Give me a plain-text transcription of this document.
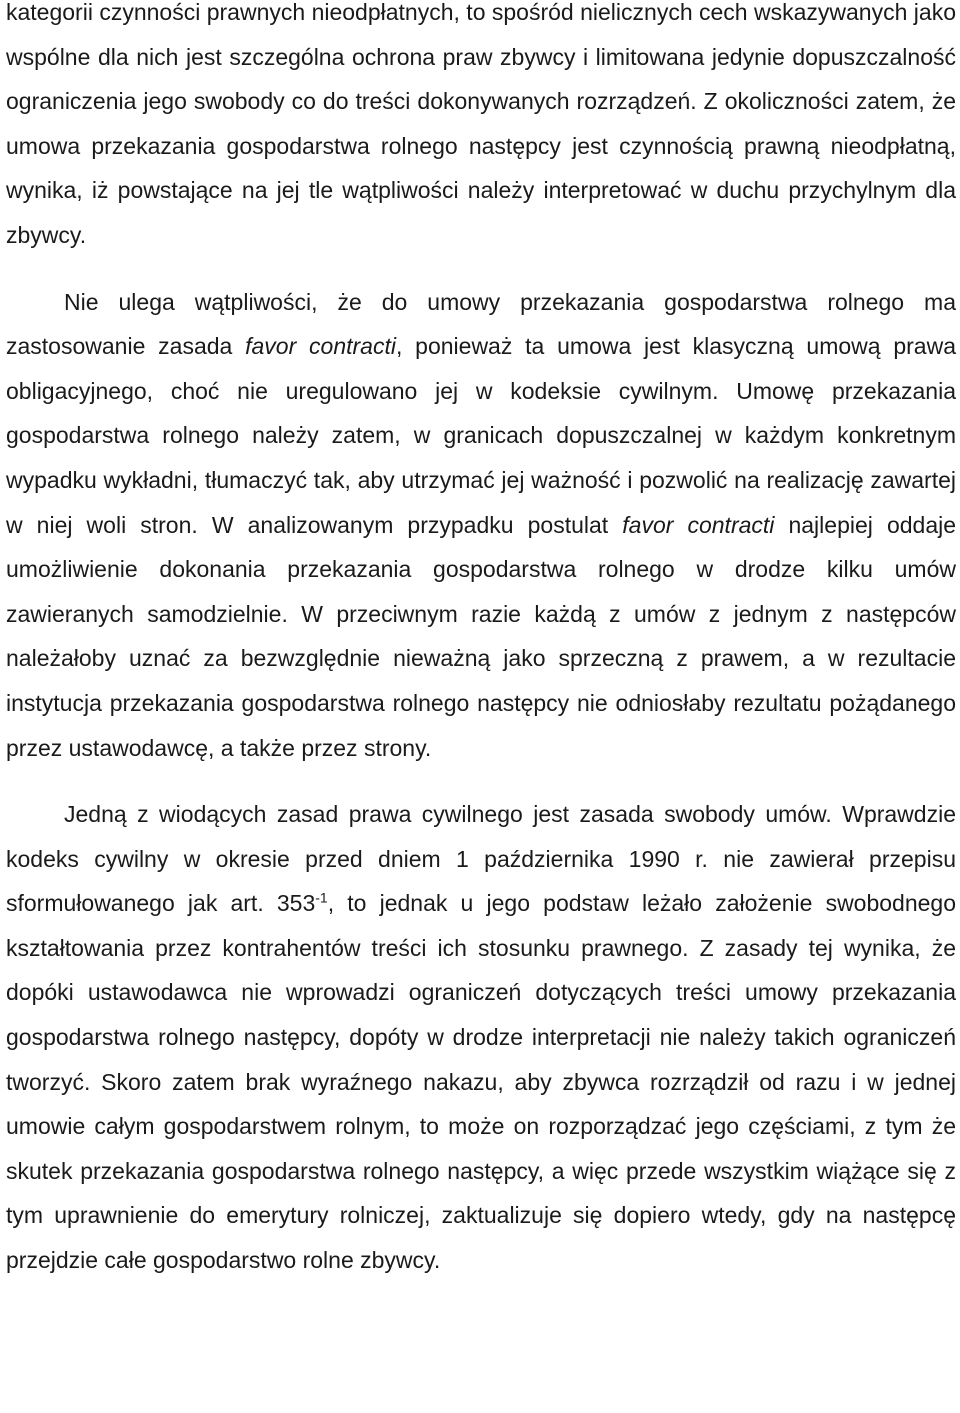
kategorii czynności prawnych nieodpłatnych, to spośród nielicznych cech wskazywanych jako wspólne dla nich jest szczególna ochrona praw zbywcy i limitowana jedynie dopuszczalność ograniczenia jego swobody co do treści dokonywanych rozrządzeń. Z okoliczności zatem, że umowa przekazania gospodarstwa rolnego następcy jest czynnością prawną nieodpłatną, wynika, iż powstające na jej tle wątpliwości należy interpretować w duchu przychylnym dla zbywcy.

Nie ulega wątpliwości, że do umowy przekazania gospodarstwa rolnego ma zastosowanie zasada favor contracti, ponieważ ta umowa jest klasyczną umową prawa obligacyjnego, choć nie uregulowano jej w kodeksie cywilnym. Umowę przekazania gospodarstwa rolnego należy zatem, w granicach dopuszczalnej w każdym konkretnym wypadku wykładni, tłumaczyć tak, aby utrzymać jej ważność i pozwolić na realizację zawartej w niej woli stron. W analizowanym przypadku postulat favor contracti najlepiej oddaje umożliwienie dokonania przekazania gospodarstwa rolnego w drodze kilku umów zawieranych samodzielnie. W przeciwnym razie każdą z umów z jednym z następców należałoby uznać za bezwzględnie nieważną jako sprzeczną z prawem, a w rezultacie instytucja przekazania gospodarstwa rolnego następcy nie odniosłaby rezultatu pożądanego przez ustawodawcę, a także przez strony.

Jedną z wiodących zasad prawa cywilnego jest zasada swobody umów. Wprawdzie kodeks cywilny w okresie przed dniem 1 października 1990 r. nie zawierał przepisu sformułowanego jak art. $353^{-1}$, to jednak u jego podstaw leżało założenie swobodnego kształtowania przez kontrahentów treści ich stosunku prawnego. Z zasady tej wynika, że dopóki ustawodawca nie wprowadzi ograniczeń dotyczących treści umowy przekazania gospodarstwa rolnego następcy, dopóty w drodze interpretacji nie należy takich ograniczeń tworzyć. Skoro zatem brak wyraźnego nakazu, aby zbywca rozrządził od razu i w jednej umowie całym gospodarstwem rolnym, to może on rozporządzać jego częściami, z tym że skutek przekazania gospodarstwa rolnego następcy, a więc przede wszystkim wiążące się z tym uprawnienie do emerytury rolniczej, zaktualizuje się dopiero wtedy, gdy na następcę przejdzie całe gospodarstwo rolne zbywcy.
